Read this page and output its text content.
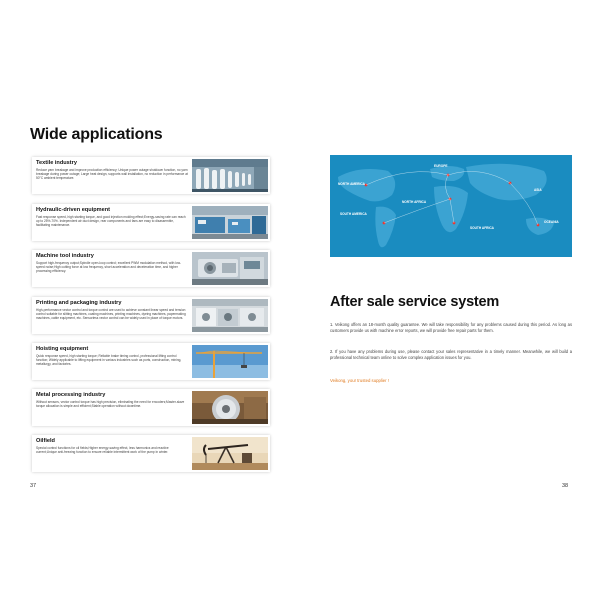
Wide applications
Textile industry
Reduce yarn breakage and improve production efficiency; Unique power outage shutdown function, no yarn breakage during power outage; Large heat design, supports wall installation, no reduction in performance at 50°C ambient temperature.
Hydraulic-driven equipment
Fast response speed, high starting torque, and good injection molding effect;Energy-saving rate can reach up to 25%-70%. Independent air duct design, rear components and fans are easy to disassemble, facilitating maintenance.
Machine tool industry
Support high-frequency output;Spindle open-loop control; excellent PWM modulation method, with low-speed noise;High cutting force at low frequency, short acceleration and deceleration time, and higher processing efficiency.
Printing and packaging industry
High-performance vector control and torque control are used to achieve constant linear speed and tension control suitable for slitting machines, coating machines, printing machines, dyeing machines, papermaking machines, cable equipment, etc. Sensorless vector control can be widely used in place of torque motors.
Hoisting equipment
Quick response speed, high starting torque; Reliable brake timing control, professional lifting control function; Widely applicable to lifting equipment in various industries such as ports, construction, mining, metallurgy, and factories.
Metal processing industry
Without sensors, vector control torque has high precision, eliminating the need for encoders;Master-slave torque allocation is simple and efficient;Stable operation without downtime.
Oilfield
Special control functions for oil fields;Higher energy-saving effect, less harmonics and reactive current;Unique anti-freezing function to ensure reliable intermittent work of the pump in winter.
37
EUROPE
NORTH AMERICA
ASIA
NORTH AFRICA
SOUTH AMERICA
SOUTH AFRICA
OCEANIA
After sale service system
1. Veikong offers an 18-month quality guarantee. We will take responsibility for any problems caused during this period. As long as customers provide us with machine error reports, we will provide free repair parts for them.
2. If you have any problems during use, please contact your sales representative in a timely manner. Meanwhile, we will build a professional technical team online to solve complex application issues for you.
Veikong, your trusted supplier !
38
